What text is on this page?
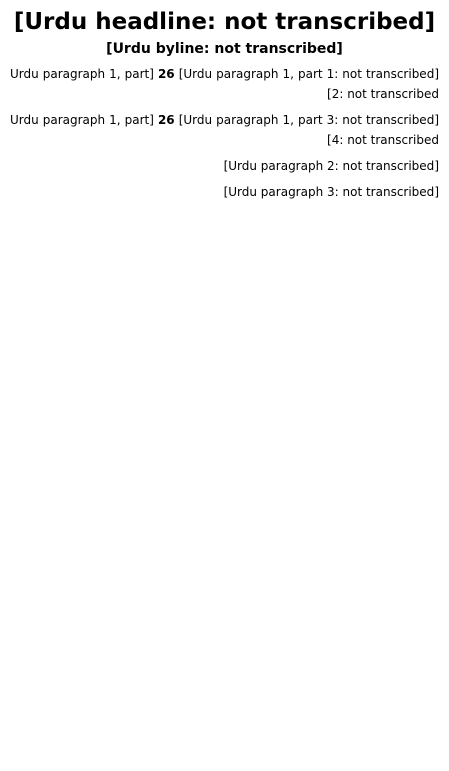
[Urdu headline: not transcribed]
[Urdu byline: not transcribed]

[Urdu paragraph 1, part 1: not transcribed] 26 [Urdu paragraph 1, part 2: not transcribed]

[Urdu paragraph 1, part 3: not transcribed] 26 [Urdu paragraph 1, part 4: not transcribed]

[Urdu paragraph 2: not transcribed]

[Urdu paragraph 3: not transcribed]
